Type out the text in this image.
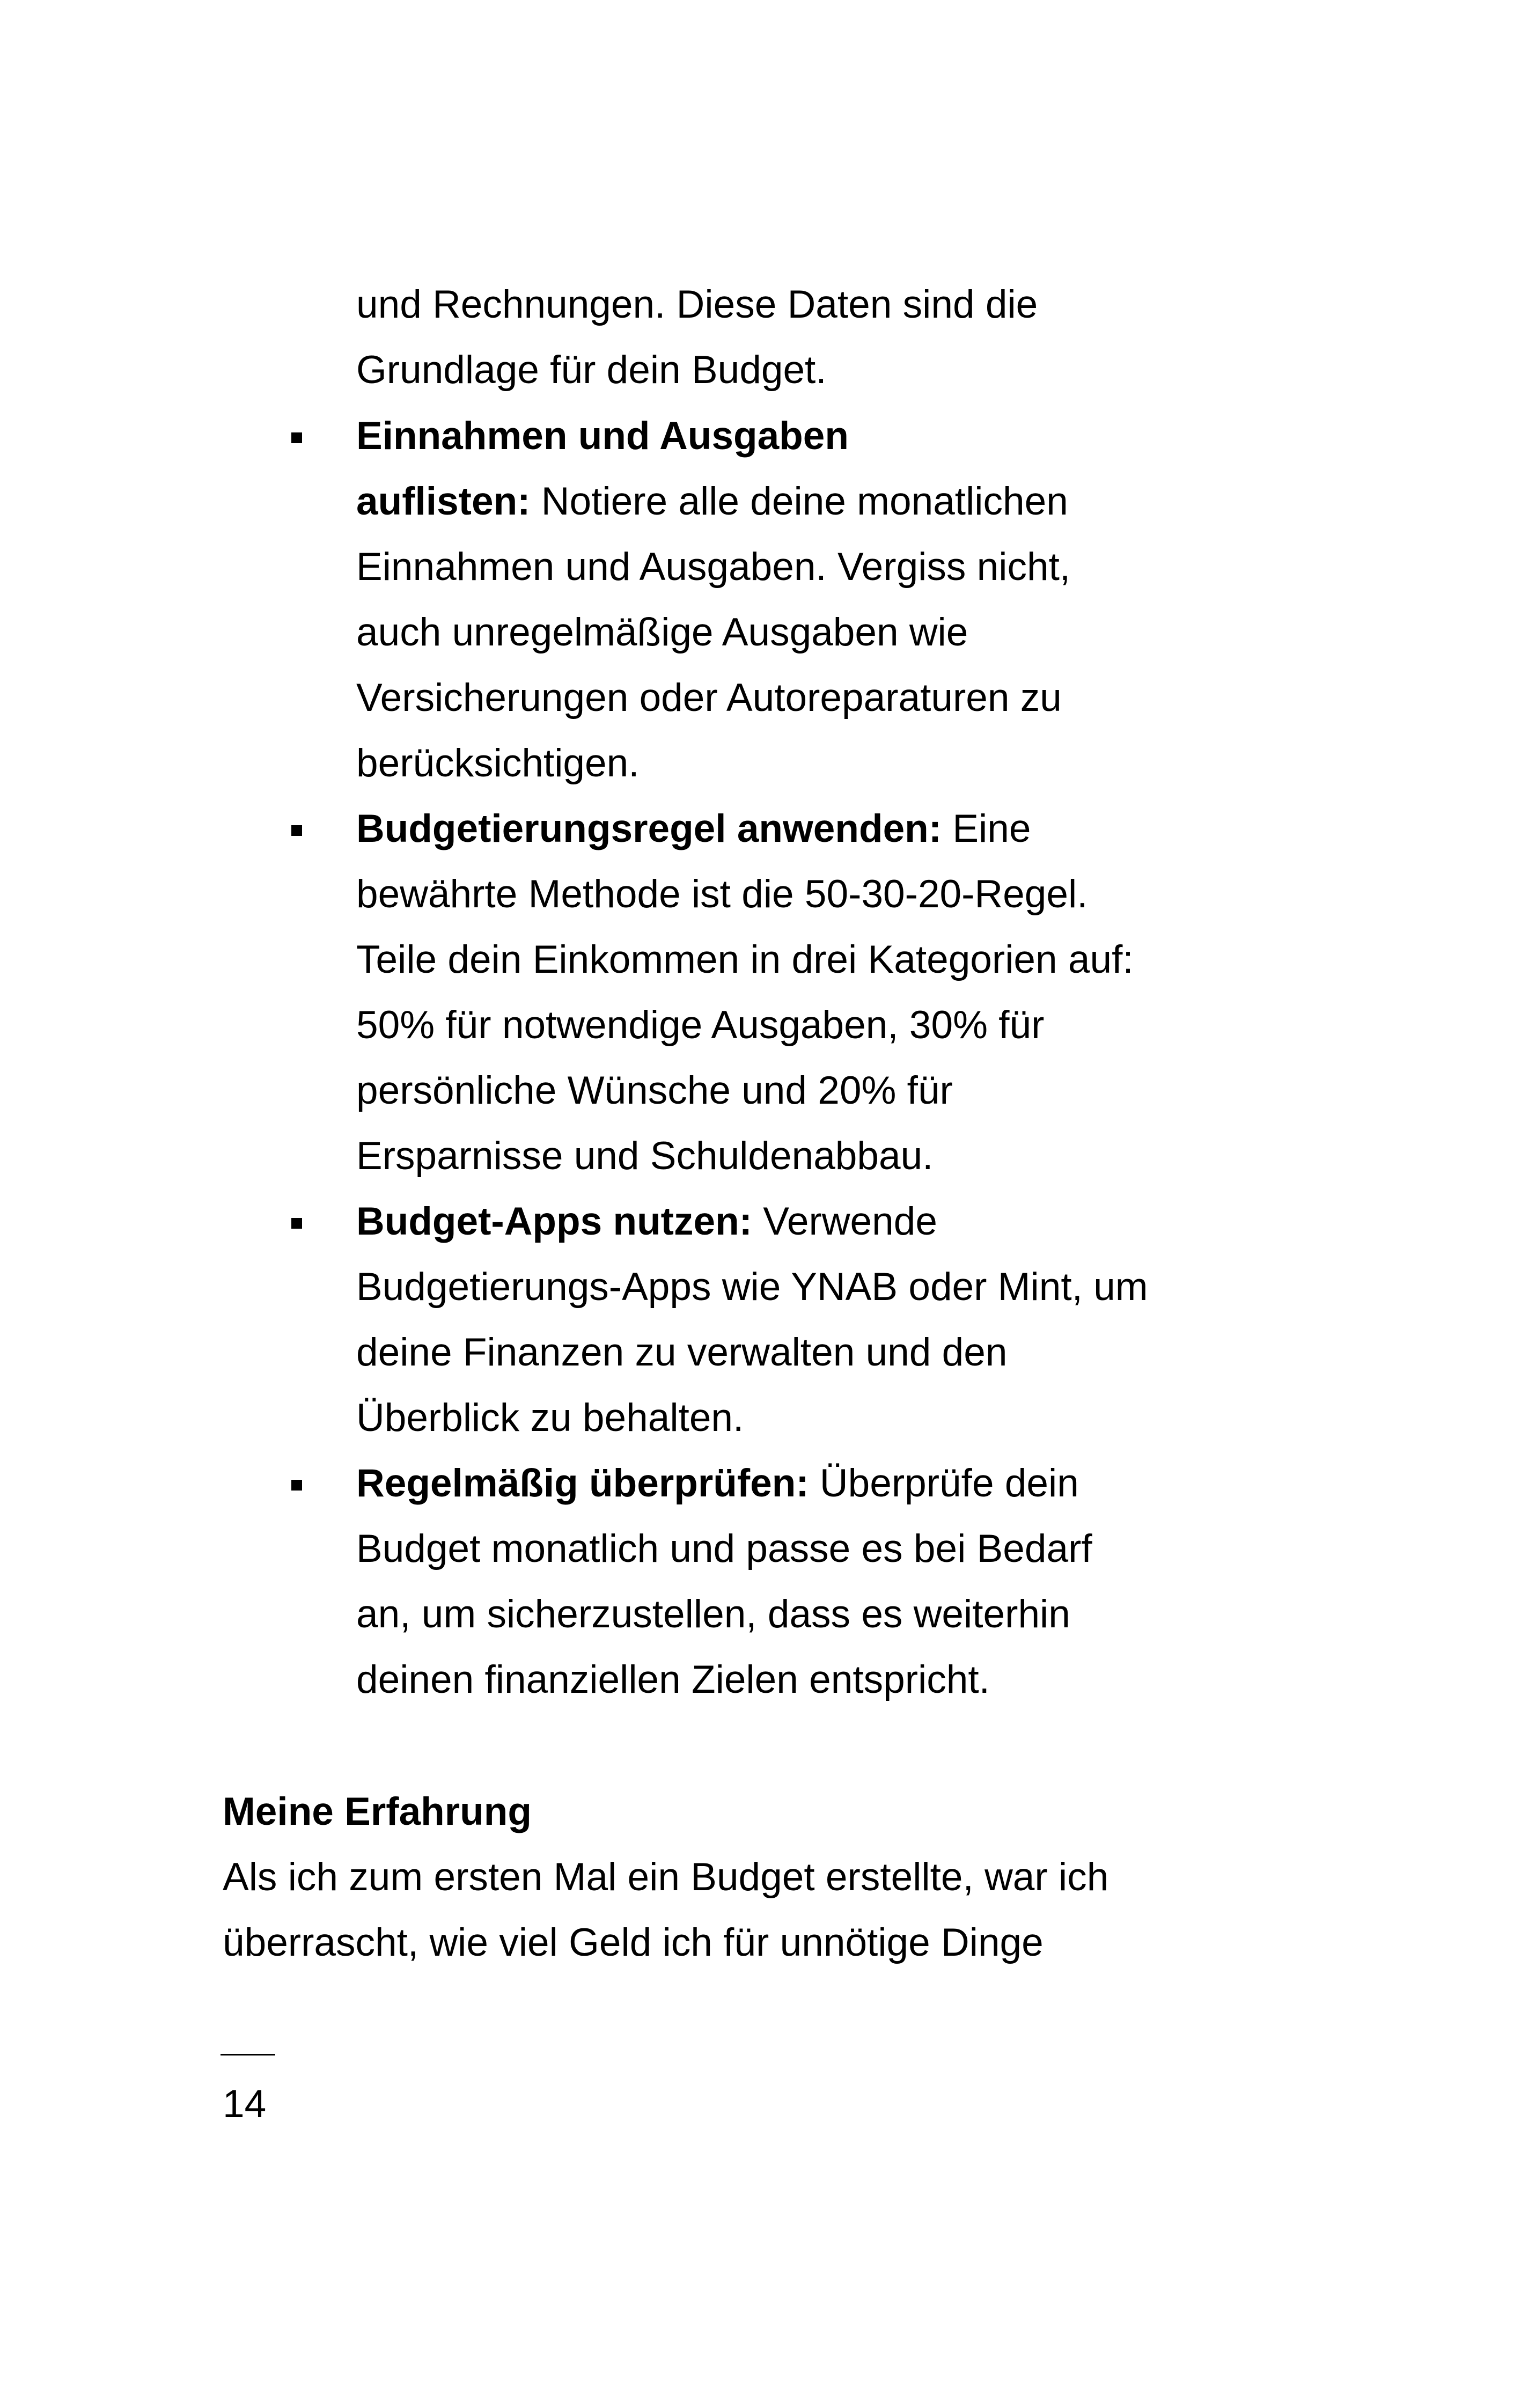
und Rechnungen. Diese Daten sind die
Grundlage für dein Budget.
Einnahmen und Ausgaben
auflisten: Notiere alle deine monatlichen
Einnahmen und Ausgaben. Vergiss nicht,
auch unregelmäßige Ausgaben wie
Versicherungen oder Autoreparaturen zu
berücksichtigen.
Budgetierungsregel anwenden: Eine
bewährte Methode ist die 50-30-20-Regel.
Teile dein Einkommen in drei Kategorien auf:
50% für notwendige Ausgaben, 30% für
persönliche Wünsche und 20% für
Ersparnisse und Schuldenabbau.
Budget-Apps nutzen: Verwende
Budgetierungs-Apps wie YNAB oder Mint, um
deine Finanzen zu verwalten und den
Überblick zu behalten.
Regelmäßig überprüfen: Überprüfe dein
Budget monatlich und passe es bei Bedarf
an, um sicherzustellen, dass es weiterhin
deinen finanziellen Zielen entspricht.
Meine Erfahrung
Als ich zum ersten Mal ein Budget erstellte, war ich
überrascht, wie viel Geld ich für unnötige Dinge
14
